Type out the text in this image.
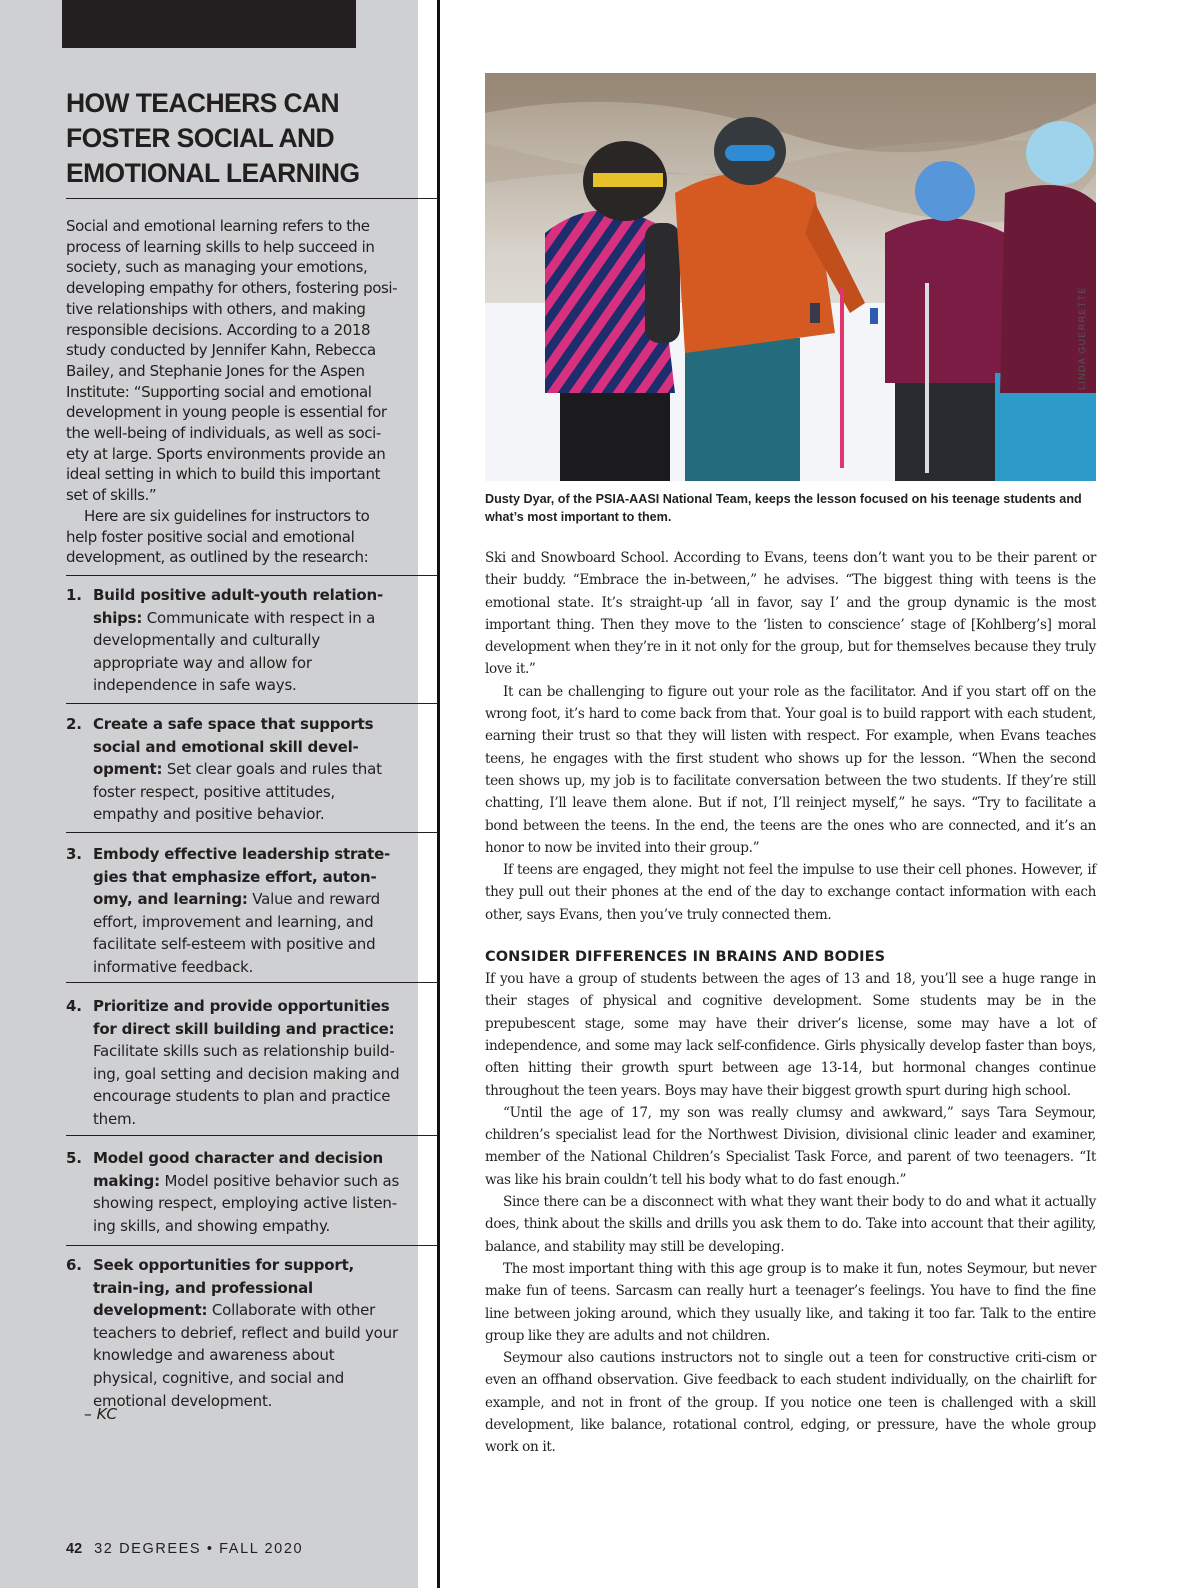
HOW TEACHERS CAN FOSTER SOCIAL AND EMOTIONAL LEARNING

Social and emotional learning refers to the process of learning skills to help succeed in society, such as managing your emotions, developing empathy for others, fostering posi-tive relationships with others, and making responsible decisions. According to a 2018 study conducted by Jennifer Kahn, Rebecca Bailey, and Stephanie Jones for the Aspen Institute: “Supporting social and emotional development in young people is essential for the well-being of individuals, as well as soci-ety at large. Sports environments provide an ideal setting in which to build this important set of skills.”

Here are six guidelines for instructors to help foster positive social and emotional development, as outlined by the research:

1. Build positive adult-youth relation-ships: Communicate with respect in a developmentally and culturally appropriate way and allow for independence in safe ways.
2. Create a safe space that supports social and emotional skill devel-opment: Set clear goals and rules that foster respect, positive attitudes, empathy and positive behavior.
3. Embody effective leadership strate-gies that emphasize effort, auton-omy, and learning: Value and reward effort, improvement and learning, and facilitate self-esteem with positive and informative feedback.
4. Prioritize and provide opportunities for direct skill building and practice: Facilitate skills such as relationship build-ing, goal setting and decision making and encourage students to plan and practice them.
5. Model good character and decision making: Model positive behavior such as showing respect, employing active listen-ing skills, and showing empathy.
6. Seek opportunities for support, train-ing, and professional development: Collaborate with other teachers to debrief, reflect and build your knowledge and awareness about physical, cognitive, and social and emotional development.
– KC
42 32 DEGREES • FALL 2020
LINDA GUERRETTE

Dusty Dyar, of the PSIA-AASI National Team, keeps the lesson focused on his teenage students and what’s most important to them.

Ski and Snowboard School. According to Evans, teens don’t want you to be their parent or their buddy. “Embrace the in-between,” he advises. “The biggest thing with teens is the emotional state. It’s straight-up ‘all in favor, say I’ and the group dynamic is the most important thing. Then they move to the ‘listen to conscience’ stage of [Kohlberg’s] moral development when they’re in it not only for the group, but for themselves because they truly love it.”

It can be challenging to figure out your role as the facilitator. And if you start off on the wrong foot, it’s hard to come back from that. Your goal is to build rapport with each student, earning their trust so that they will listen with respect. For example, when Evans teaches teens, he engages with the first student who shows up for the lesson. “When the second teen shows up, my job is to facilitate conversation between the two students. If they’re still chatting, I’ll leave them alone. But if not, I’ll reinject myself,” he says. “Try to facilitate a bond between the teens. In the end, the teens are the ones who are connected, and it’s an honor to now be invited into their group.”

If teens are engaged, they might not feel the impulse to use their cell phones. However, if they pull out their phones at the end of the day to exchange contact information with each other, says Evans, then you’ve truly connected them.

CONSIDER DIFFERENCES IN BRAINS AND BODIES

If you have a group of students between the ages of 13 and 18, you’ll see a huge range in their stages of physical and cognitive development. Some students may be in the prepubescent stage, some may have their driver’s license, some may have a lot of independence, and some may lack self-confidence. Girls physically develop faster than boys, often hitting their growth spurt between age 13-14, but hormonal changes continue throughout the teen years. Boys may have their biggest growth spurt during high school.

“Until the age of 17, my son was really clumsy and awkward,” says Tara Seymour, children’s specialist lead for the Northwest Division, divisional clinic leader and examiner, member of the National Children’s Specialist Task Force, and parent of two teenagers. “It was like his brain couldn’t tell his body what to do fast enough.”

Since there can be a disconnect with what they want their body to do and what it actually does, think about the skills and drills you ask them to do. Take into account that their agility, balance, and stability may still be developing.

The most important thing with this age group is to make it fun, notes Seymour, but never make fun of teens. Sarcasm can really hurt a teenager’s feelings. You have to find the fine line between joking around, which they usually like, and taking it too far. Talk to the entire group like they are adults and not children.

Seymour also cautions instructors not to single out a teen for constructive criti-cism or even an offhand observation. Give feedback to each student individually, on the chairlift for example, and not in front of the group. If you notice one teen is challenged with a skill development, like balance, rotational control, edging, or pressure, have the whole group work on it.
